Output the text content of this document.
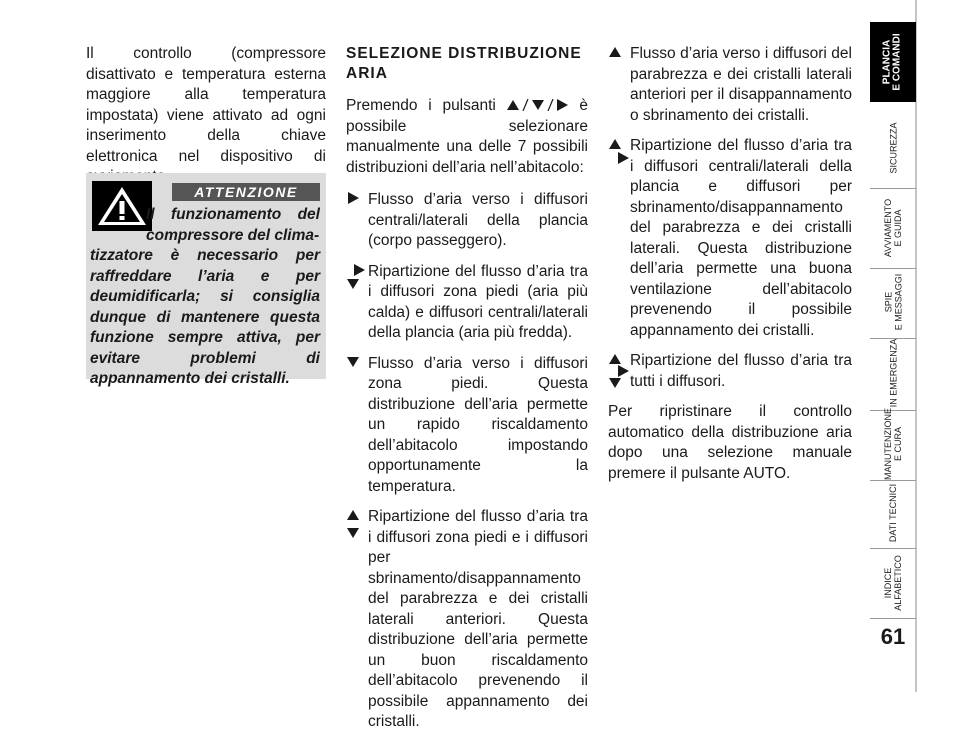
Il controllo (compressore disattivato e temperatura esterna maggiore alla temperatura impostata) viene attivato ad ogni inserimento della chiave elettronica nel dispositivo di

ATTENZIONE
Il funzionamento del compressore del clima-
tizzatore è necessario per raffreddare l’aria e per deumidificarla; si consiglia dunque di mantenere questa funzione sempre attiva, per evitare problemi di appannamento dei cristalli.
SELEZIONE DISTRIBUZIONE ARIA

Premendo i pulsanti	è possibile selezionare manualmente una delle 7 possibili distribuzioni dell’aria nell’abitacolo:

Flusso d’aria verso i diffusori centrali/laterali della plancia (corpo passeggero).

Ripartizione del flusso d’aria tra i diffusori zona piedi (aria più calda) e diffusori centrali/laterali della plancia (aria più fredda).

Flusso d’aria verso i diffusori zona piedi. Questa distribuzione dell’aria permette un rapido riscaldamento dell’abitacolo impostando opportunamente la temperatura.

Ripartizione del flusso d’aria tra i diffusori zona piedi e i diffusori per sbrinamento/disappannamento del parabrezza e dei cristalli laterali anteriori. Questa distribuzione dell’aria permette un buon riscaldamento dell’abitacolo prevenendo il possibile appannamento dei cristalli.

Flusso d’aria verso i diffusori del parabrezza e dei cristalli laterali anteriori per il disappannamento o sbrinamento dei cristalli.

Ripartizione del flusso d’aria tra i diffusori centrali/laterali della plancia e diffusori per sbrinamento/disappannamento del parabrezza e dei cristalli laterali. Questa distribuzione dell’aria permette una buona ventilazione dell’abitacolo prevenendo il possibile appannamento dei cristalli.

Ripartizione del flusso d’aria tra tutti i diffusori.

Per ripristinare il controllo automatico della distribuzione aria dopo una selezione manuale premere il pulsante AUTO.

PLANCIA
E COMANDI
SICUREZZA
AVVIAMENTO
E GUIDA
SPIE
E MESSAGGI
IN EMERGENZA
MANUTENZIONE
E CURA
DATI TECNICI
INDICE
ALFABETICO
61
